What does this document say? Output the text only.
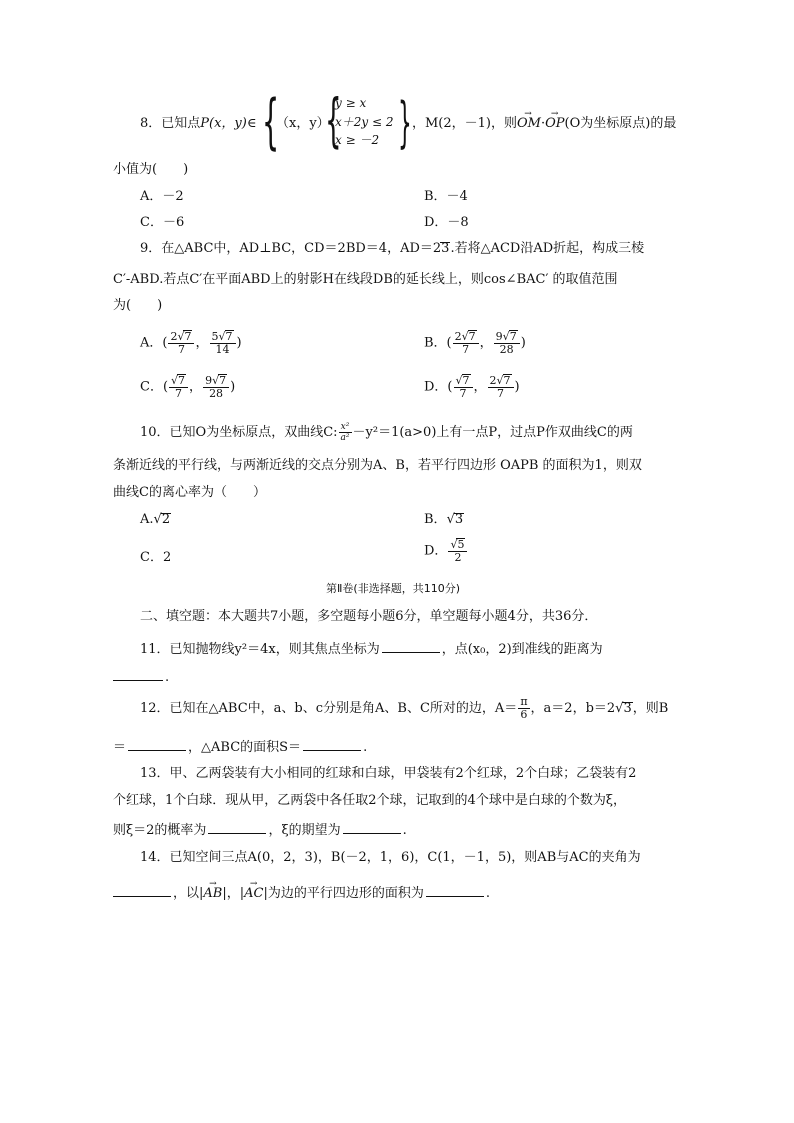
8．已知点P(x，y)∈ {
（x，y）
{
y ≥ x
x＋2y ≤ 2
x ≥ －2 } ，M(2，－1)，则→ OM·→ OP(O为坐标原点)的最
小值为(　　)
A．－2	B．－4
C．－6	D．－8
9．在△ABC中，AD⊥BC，CD＝2BD＝4，AD＝23.若将△ACD沿AD折起，构成三棱
C′-ABD.若点C′在平面ABD上的射影H在线段DB的延长线上，则cos∠BAC′ 的取值范围
为(　　)
A．( $\frac{2√7}{7}$ ， $\frac{5√7}{14}$ )	B．( $\frac{2√7}{7}$ ， $\frac{9√7}{28}$ )
C．( $\frac{√7}{7}$ ， $\frac{9√7}{28}$ )	D．( $\frac{√7}{7}$ ， $\frac{2√7}{7}$ )
10．已知O为坐标原点，双曲线C: $\frac{\text{x²}}{\text{a²}} -y^2=1(a>0)$上有一点P，过点P作双曲线C的两
条渐近线的平行线，与两渐近线的交点分别为A、B，若平行四边形 OAPB 的面积为1，则双
曲线C的离心率为（　　）
A.√2	B．√3
C．2	D． $\frac{√5}{2}$
第Ⅱ卷(非选择题，共110分)
二、填空题：本大题共7小题，多空题每小题6分，单空题每小题4分，共36分．
11．已知抛物线y²＝4x，则其焦点坐标为	，点(x₀，2)到准线的距离为
.
12．已知在△ABC中，a、b、c分别是角A、B、C所对的边，$A= \frac{\pi}{6}$ ，a＝2，b＝2√3，则B
＝	，△ABC的面积S＝	.
13．甲、乙两袋装有大小相同的红球和白球，甲袋装有2个红球，2个白球；乙袋装有2
个红球，1个白球．现从甲，乙两袋中各任取2个球，记取到的4个球中是白球的个数为ξ，
则ξ＝2的概率为	，ξ的期望为	.
14．已知空间三点A(0，2，3)，B(－2，1，6)，C(1，－1，5)，则AB与AC的夹角为
，以|→ AB|，|→ AC|为边的平行四边形的面积为	.
